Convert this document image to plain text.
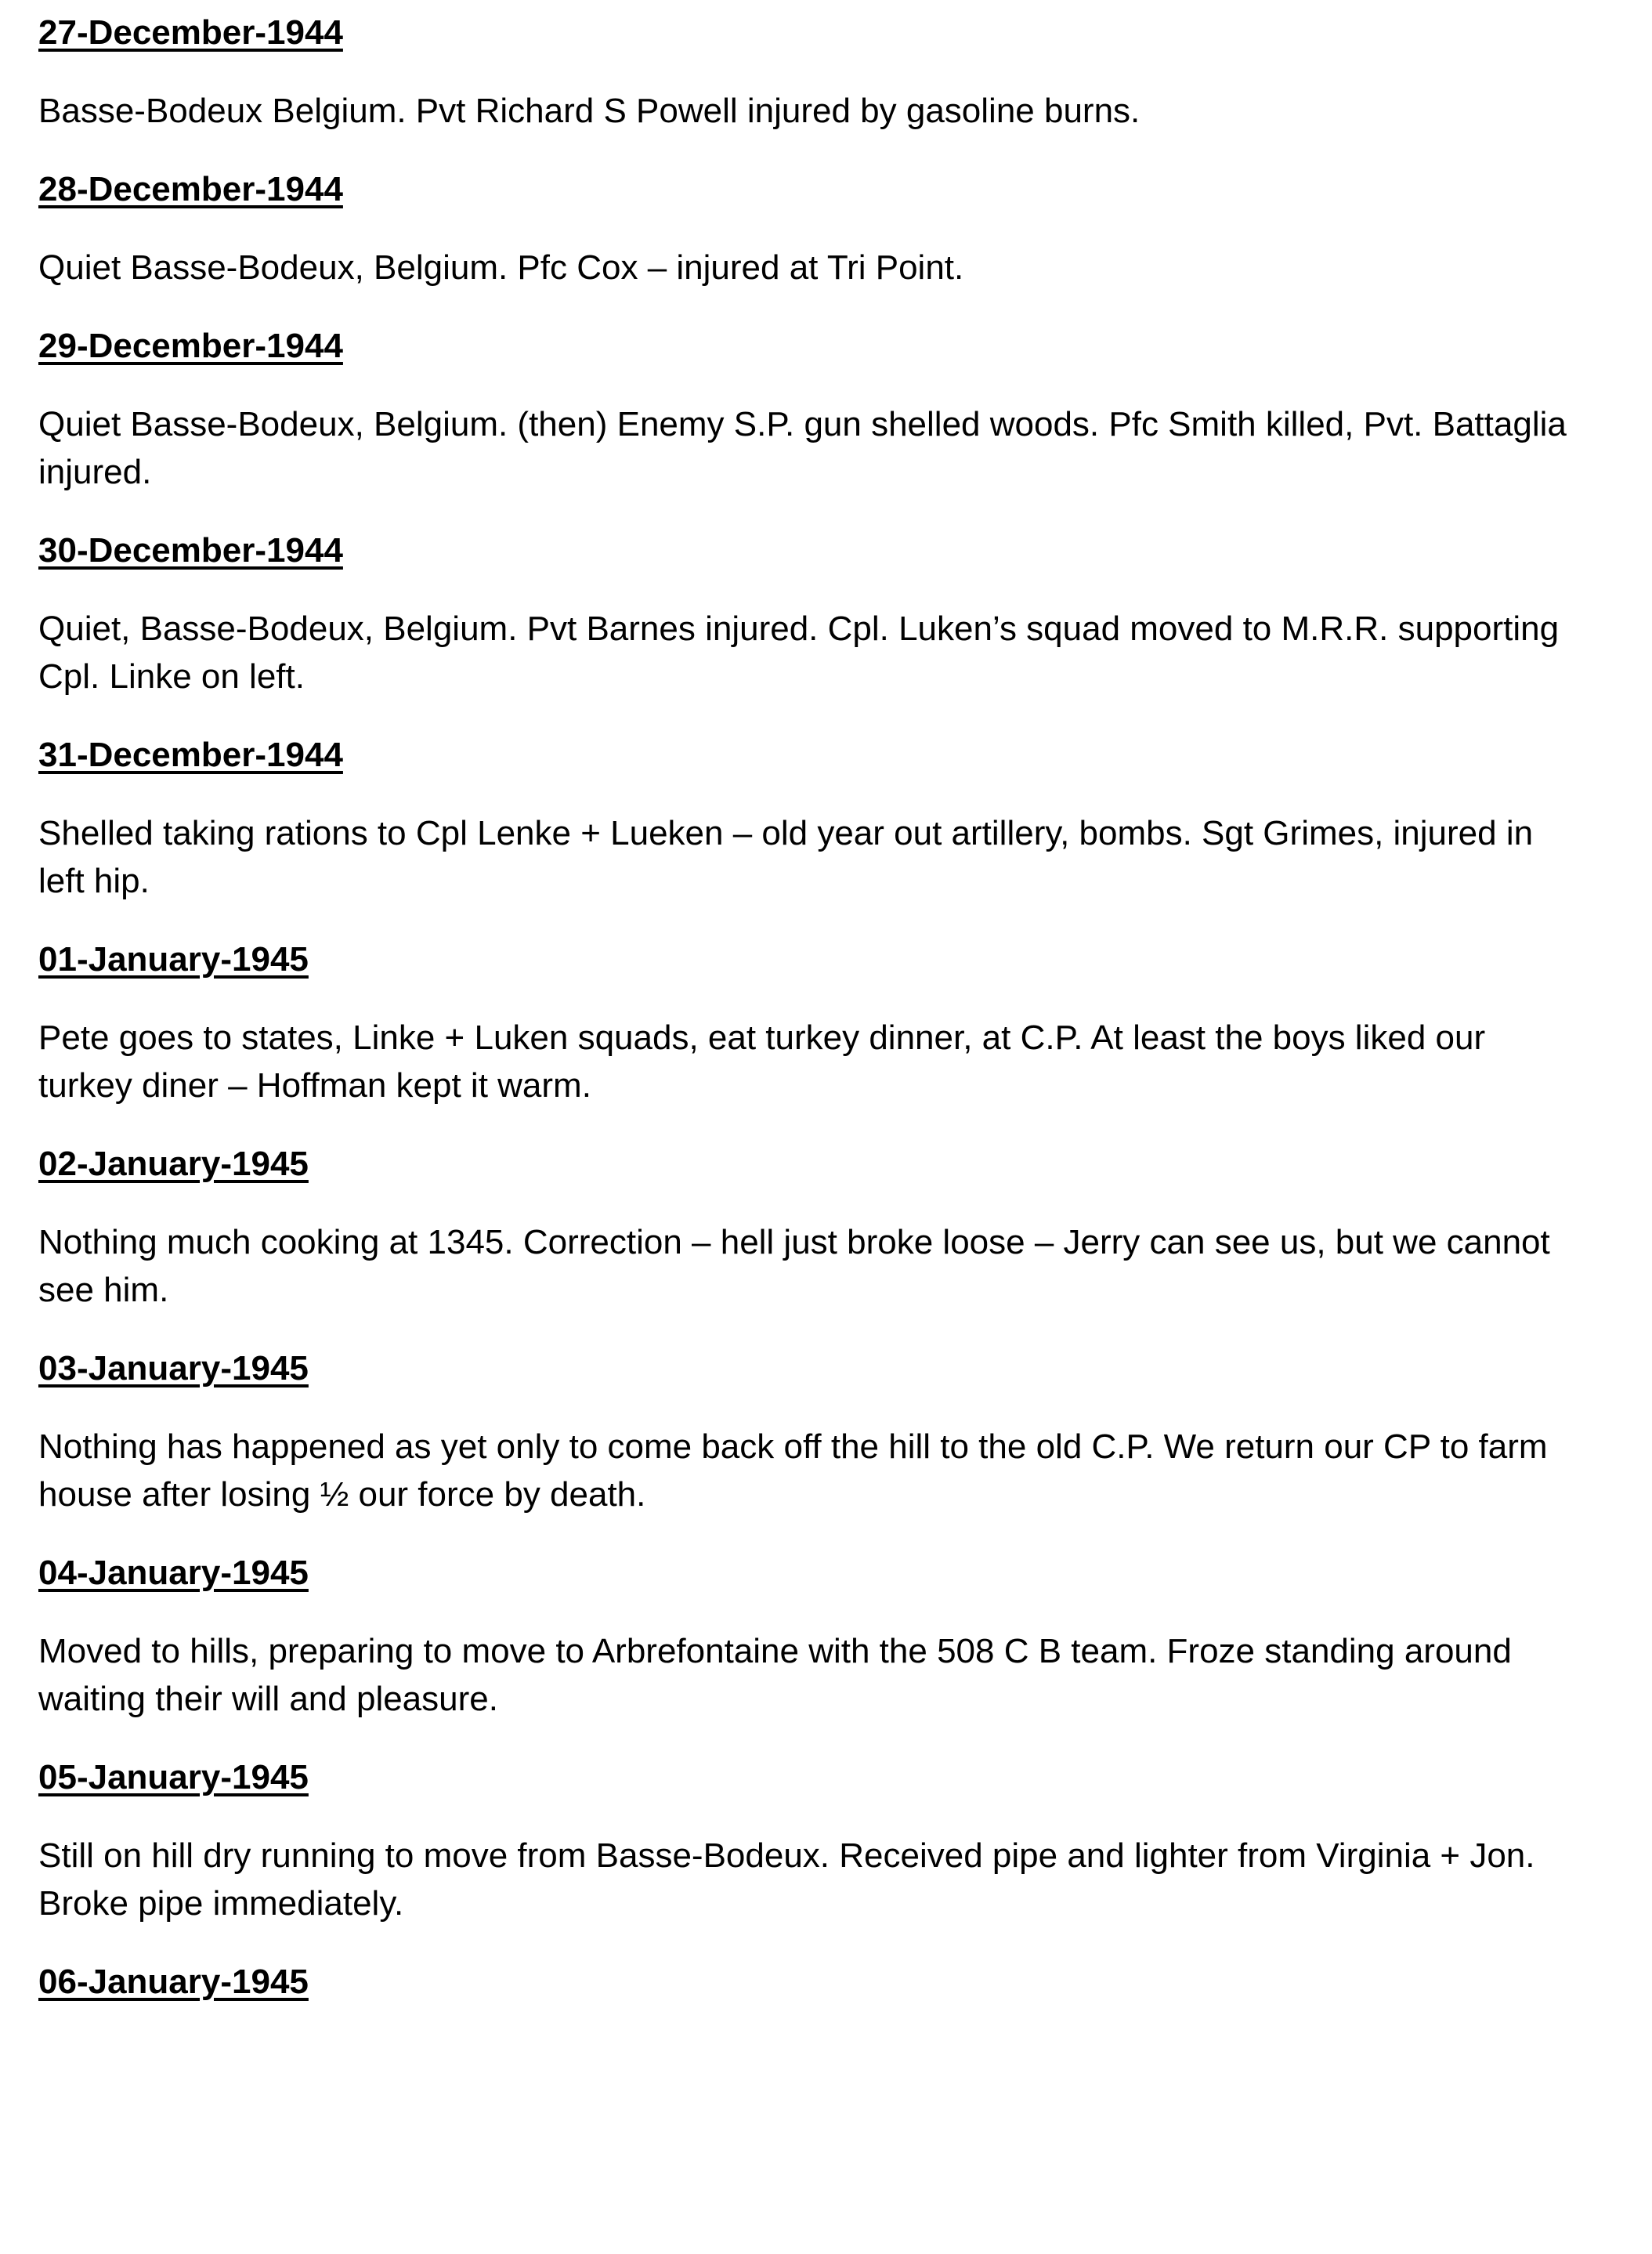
27-December-1944

Basse-Bodeux Belgium. Pvt Richard S Powell injured by gasoline burns.

28-December-1944

Quiet Basse-Bodeux, Belgium. Pfc Cox – injured at Tri Point.

29-December-1944

Quiet Basse-Bodeux, Belgium. (then) Enemy S.P. gun shelled woods. Pfc Smith killed, Pvt. Battaglia injured.

30-December-1944

Quiet, Basse-Bodeux, Belgium. Pvt Barnes injured. Cpl. Luken’s squad moved to M.R.R. supporting Cpl. Linke on left.

31-December-1944

Shelled taking rations to Cpl Lenke + Lueken – old year out artillery, bombs. Sgt Grimes, injured in left hip.

01-January-1945

Pete goes to states, Linke + Luken squads, eat turkey dinner, at C.P. At least the boys liked our turkey diner – Hoffman kept it warm.

02-January-1945

Nothing much cooking at 1345. Correction – hell just broke loose – Jerry can see us, but we cannot see him.

03-January-1945

Nothing has happened as yet only to come back off the hill to the old C.P. We return our CP to farm house after losing ½ our force by death.

04-January-1945

Moved to hills, preparing to move to Arbrefontaine with the 508 C B team. Froze standing around waiting their will and pleasure.

05-January-1945

Still on hill dry running to move from Basse-Bodeux. Received pipe and lighter from Virginia + Jon. Broke pipe immediately.

06-January-1945
